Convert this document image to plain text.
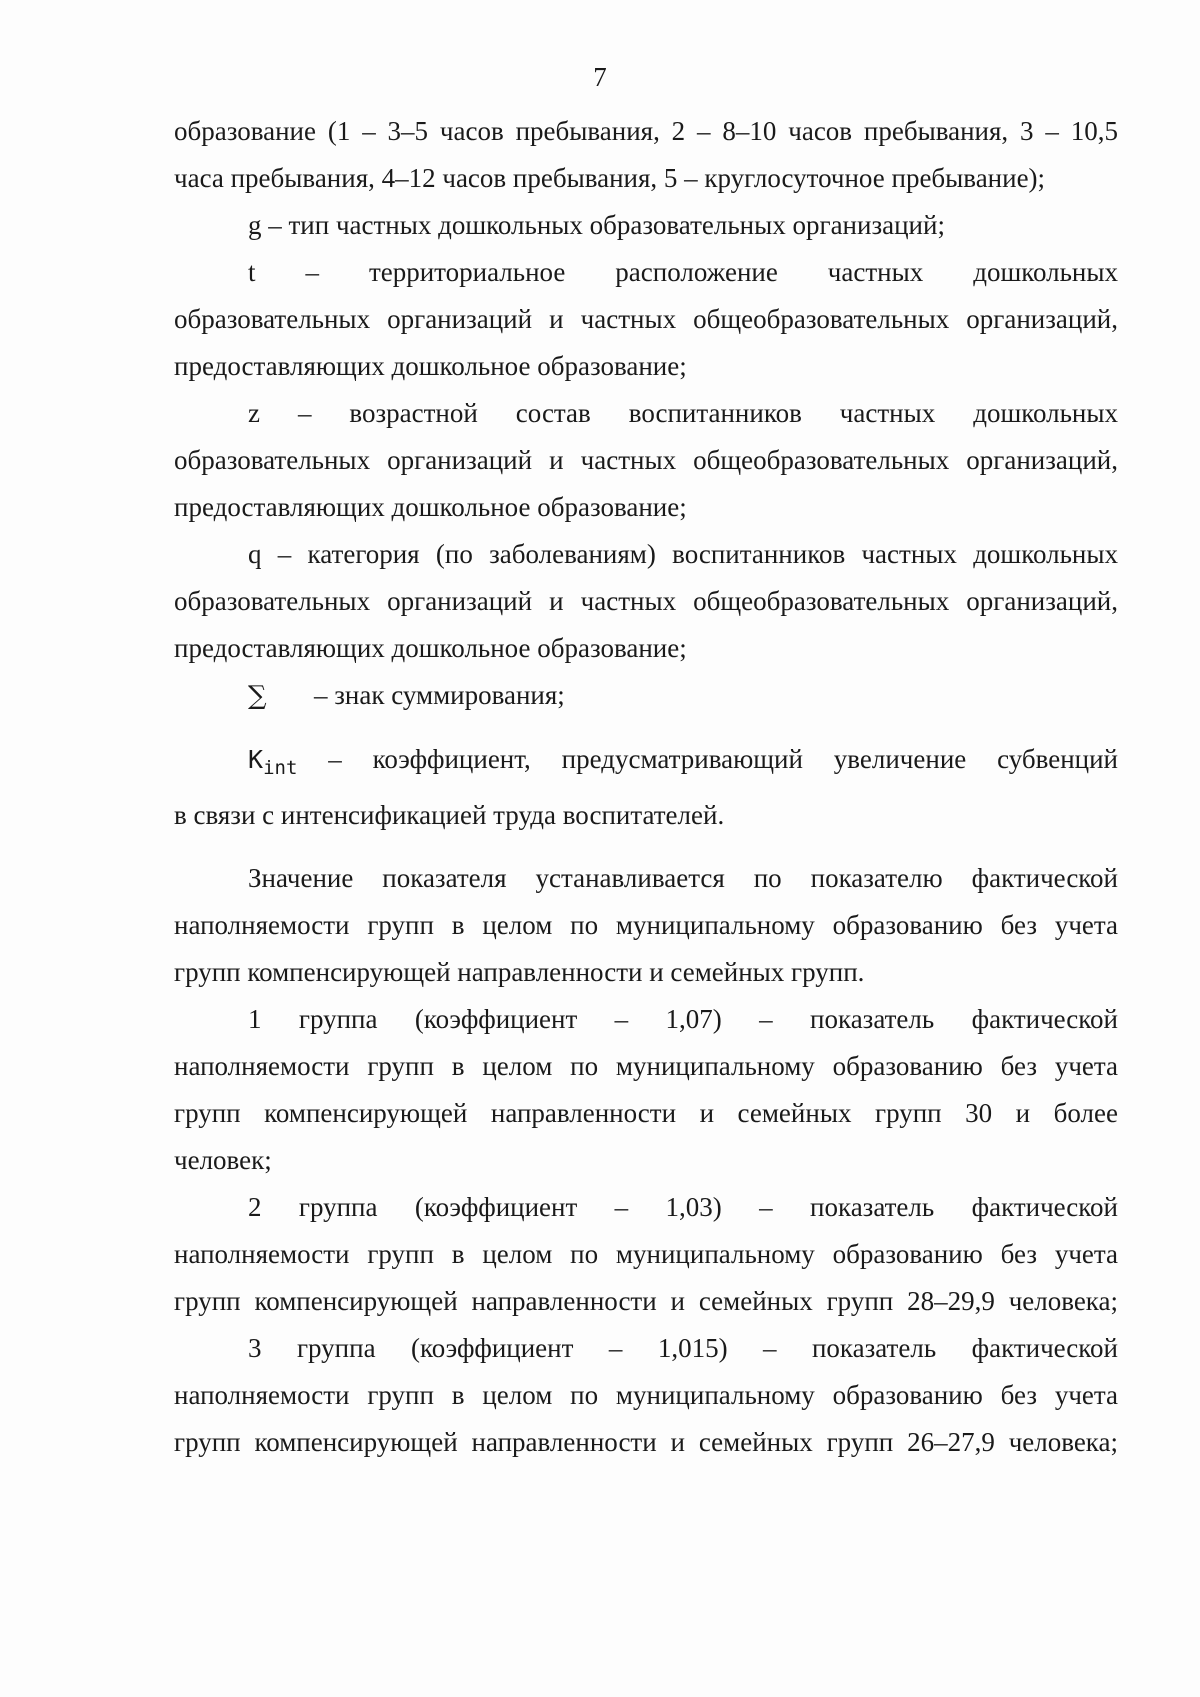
7
образование (1 – 3–5 часов пребывания, 2 – 8–10 часов пребывания, 3 – 10,5
часа пребывания, 4–12 часов пребывания, 5 – круглосуточное пребывание);
g – тип частных дошкольных образовательных организаций;
t – территориальное расположение частных дошкольных
образовательных организаций и частных общеобразовательных организаций,
предоставляющих дошкольное образование;
z – возрастной состав воспитанников частных дошкольных
образовательных организаций и частных общеобразовательных организаций,
предоставляющих дошкольное образование;
q – категория (по заболеваниям) воспитанников частных дошкольных
образовательных организаций и частных общеобразовательных организаций,
предоставляющих дошкольное образование;
∑ – знак суммирования;
$K_{int}$ – коэффициент, предусматривающий увеличение субвенций
в связи с интенсификацией труда воспитателей.
Значение показателя устанавливается по показателю фактической
наполняемости групп в целом по муниципальному образованию без учета
групп компенсирующей направленности и семейных групп.
1 группа (коэффициент – 1,07) – показатель фактической
наполняемости групп в целом по муниципальному образованию без учета
групп компенсирующей направленности и семейных групп 30 и более
человек;
2 группа (коэффициент – 1,03) – показатель фактической
наполняемости групп в целом по муниципальному образованию без учета
групп компенсирующей направленности и семейных групп 28–29,9 человека;
3 группа (коэффициент – 1,015) – показатель фактической
наполняемости групп в целом по муниципальному образованию без учета
групп компенсирующей направленности и семейных групп 26–27,9 человека;
